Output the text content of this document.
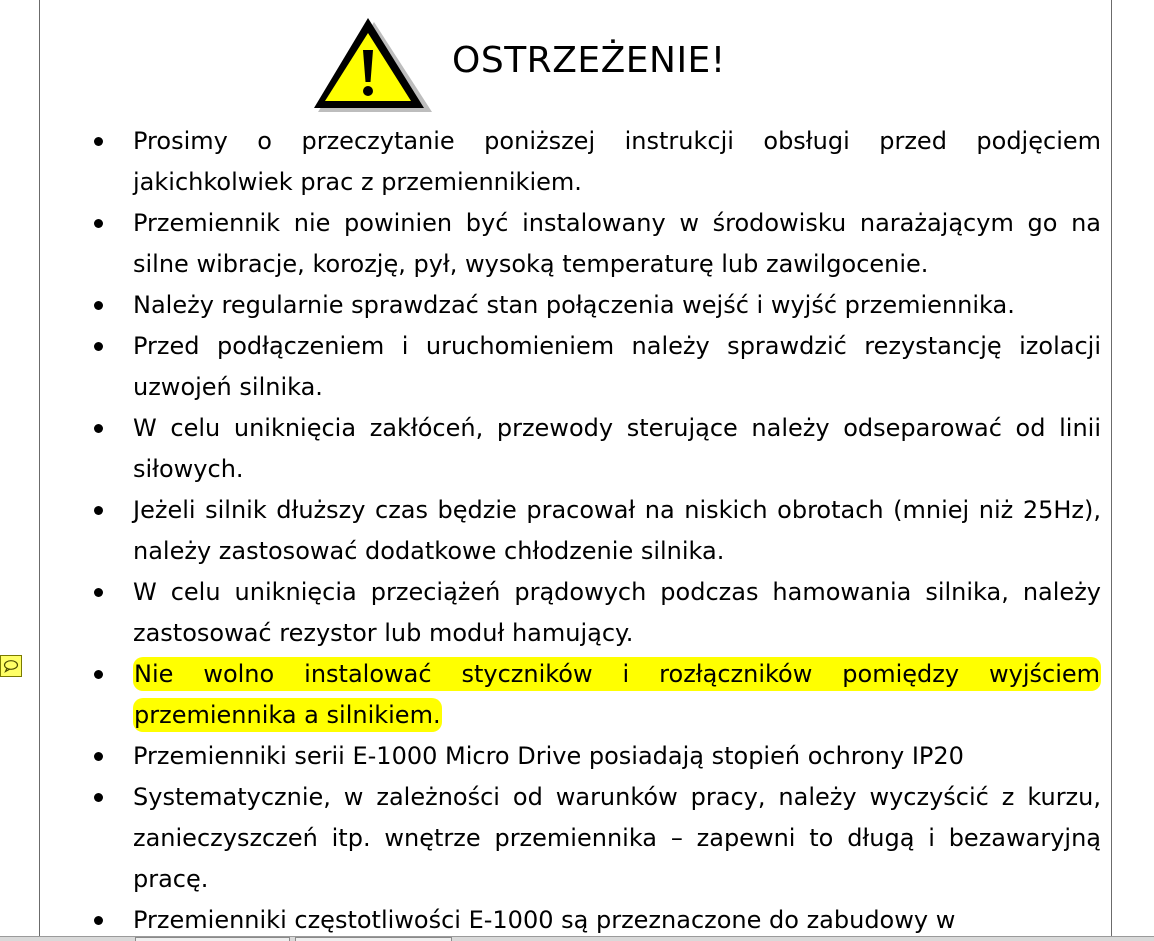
OSTRZEŻENIE!
Prosimy o przeczytanie poniższej instrukcji obsługi przed podjęciem jakichkolwiek prac z przemiennikiem.
Przemiennik nie powinien być instalowany w środowisku narażającym go na silne wibracje, korozję, pył, wysoką temperaturę lub zawilgocenie.
Należy regularnie sprawdzać stan połączenia wejść i wyjść przemiennika.
Przed podłączeniem i uruchomieniem należy sprawdzić rezystancję izolacji uzwojeń silnika.
W celu uniknięcia zakłóceń, przewody sterujące należy odseparować od linii siłowych.
Jeżeli silnik dłuższy czas będzie pracował na niskich obrotach (mniej niż 25Hz), należy zastosować dodatkowe chłodzenie silnika.
W celu uniknięcia przeciążeń prądowych podczas hamowania silnika, należy zastosować rezystor lub moduł hamujący.
Nie wolno instalować styczników i rozłączników pomiędzy wyjściem przemiennika a silnikiem.
Przemienniki serii E-1000 Micro Drive posiadają stopień ochrony IP20
Systematycznie, w zależności od warunków pracy, należy wyczyścić z kurzu, zanieczyszczeń itp. wnętrze przemiennika – zapewni to długą i bezawaryjną pracę.
Przemienniki częstotliwości E-1000 są przeznaczone do zabudowy w
